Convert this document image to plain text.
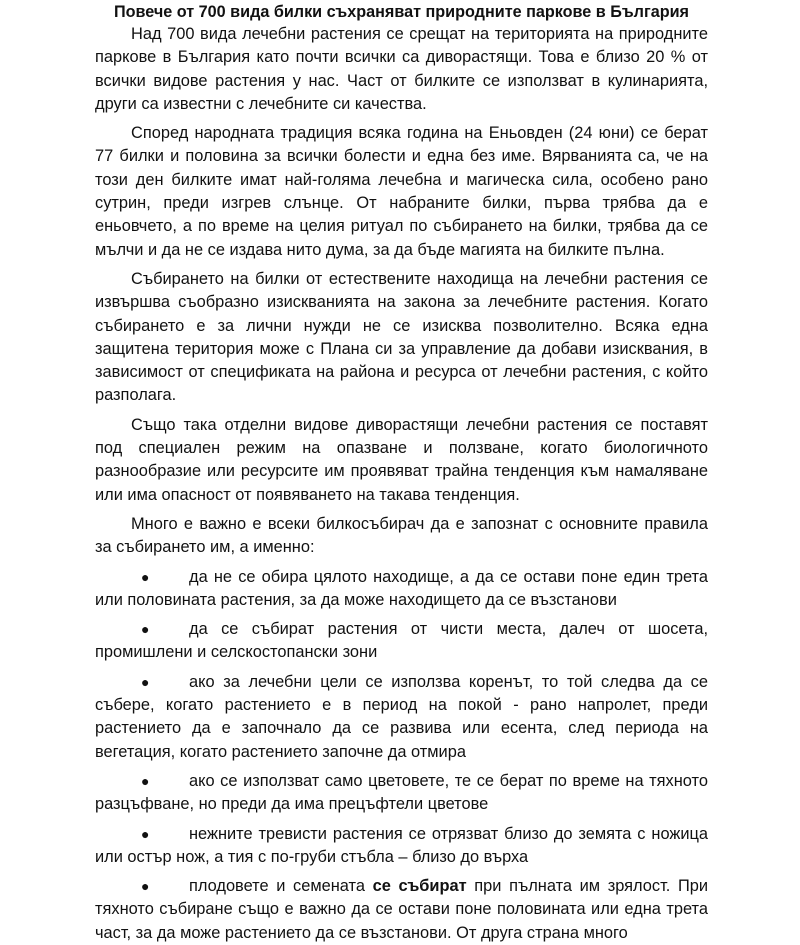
Повече от 700 вида билки съхраняват природните паркове в България

Над 700 вида лечебни растения се срещат на територията на природните паркове в България като почти всички са диворастящи. Това е близо 20 % от всички видове растения у нас. Част от билките се използват в кулинарията, други са известни с лечебните си качества.

Според народната традиция всяка година на Еньовден (24 юни) се берат 77 билки и половина за всички болести и една без име. Вярванията са, че на този ден билките имат най-голяма лечебна и магическа сила, особено рано сутрин, преди изгрев слънце. От набраните билки, първа трябва да е еньовчето, а по време на целия ритуал по събирането на билки, трябва да се мълчи и да не се издава нито дума, за да бъде магията на билките пълна.

Събирането на билки от естествените находища на лечебни растения се извършва съобразно изискванията на закона за лечебните растения. Когато събирането е за лични нужди не се изисква позволително. Всяка една защитена територия може с Плана си за управление да добави изисквания, в зависимост от спецификата на района и ресурса от лечебни растения, с който разполага.

Също така отделни видове диворастящи лечебни растения се поставят под специален режим на опазване и ползване, когато биологичното разнообразие или ресурсите им проявяват трайна тенденция към намаляване или има опасност от появяването на такава тенденция.

Много е важно е всеки билкосъбирач да е запознат с основните правила за събирането им, а именно:

● да не се обира цялото находище, а да се остави поне един трета или половината растения, за да може находището да се възстанови
● да се събират растения от чисти места, далеч от шосета, промишлени и селскостопански зони
● ако за лечебни цели се използва коренът, то той следва да се събере, когато растението е в период на покой - рано напролет, преди растението да е започнало да се развива или есента, след периода на вегетация, когато растението започне да отмира
● ако се използват само цветовете, те се берат по време на тяхното разцъфване, но преди да има прецъфтели цветове
● нежните тревисти растения се отрязват близо до земята с ножица или остър нож, а тия с по-груби стъбла – близо до върха
● плодовете и семената се събират при пълната им зрялост. При тяхното събиране също е важно да се остави поне половината или една трета част, за да може растението да се възстанови. От друга страна много
